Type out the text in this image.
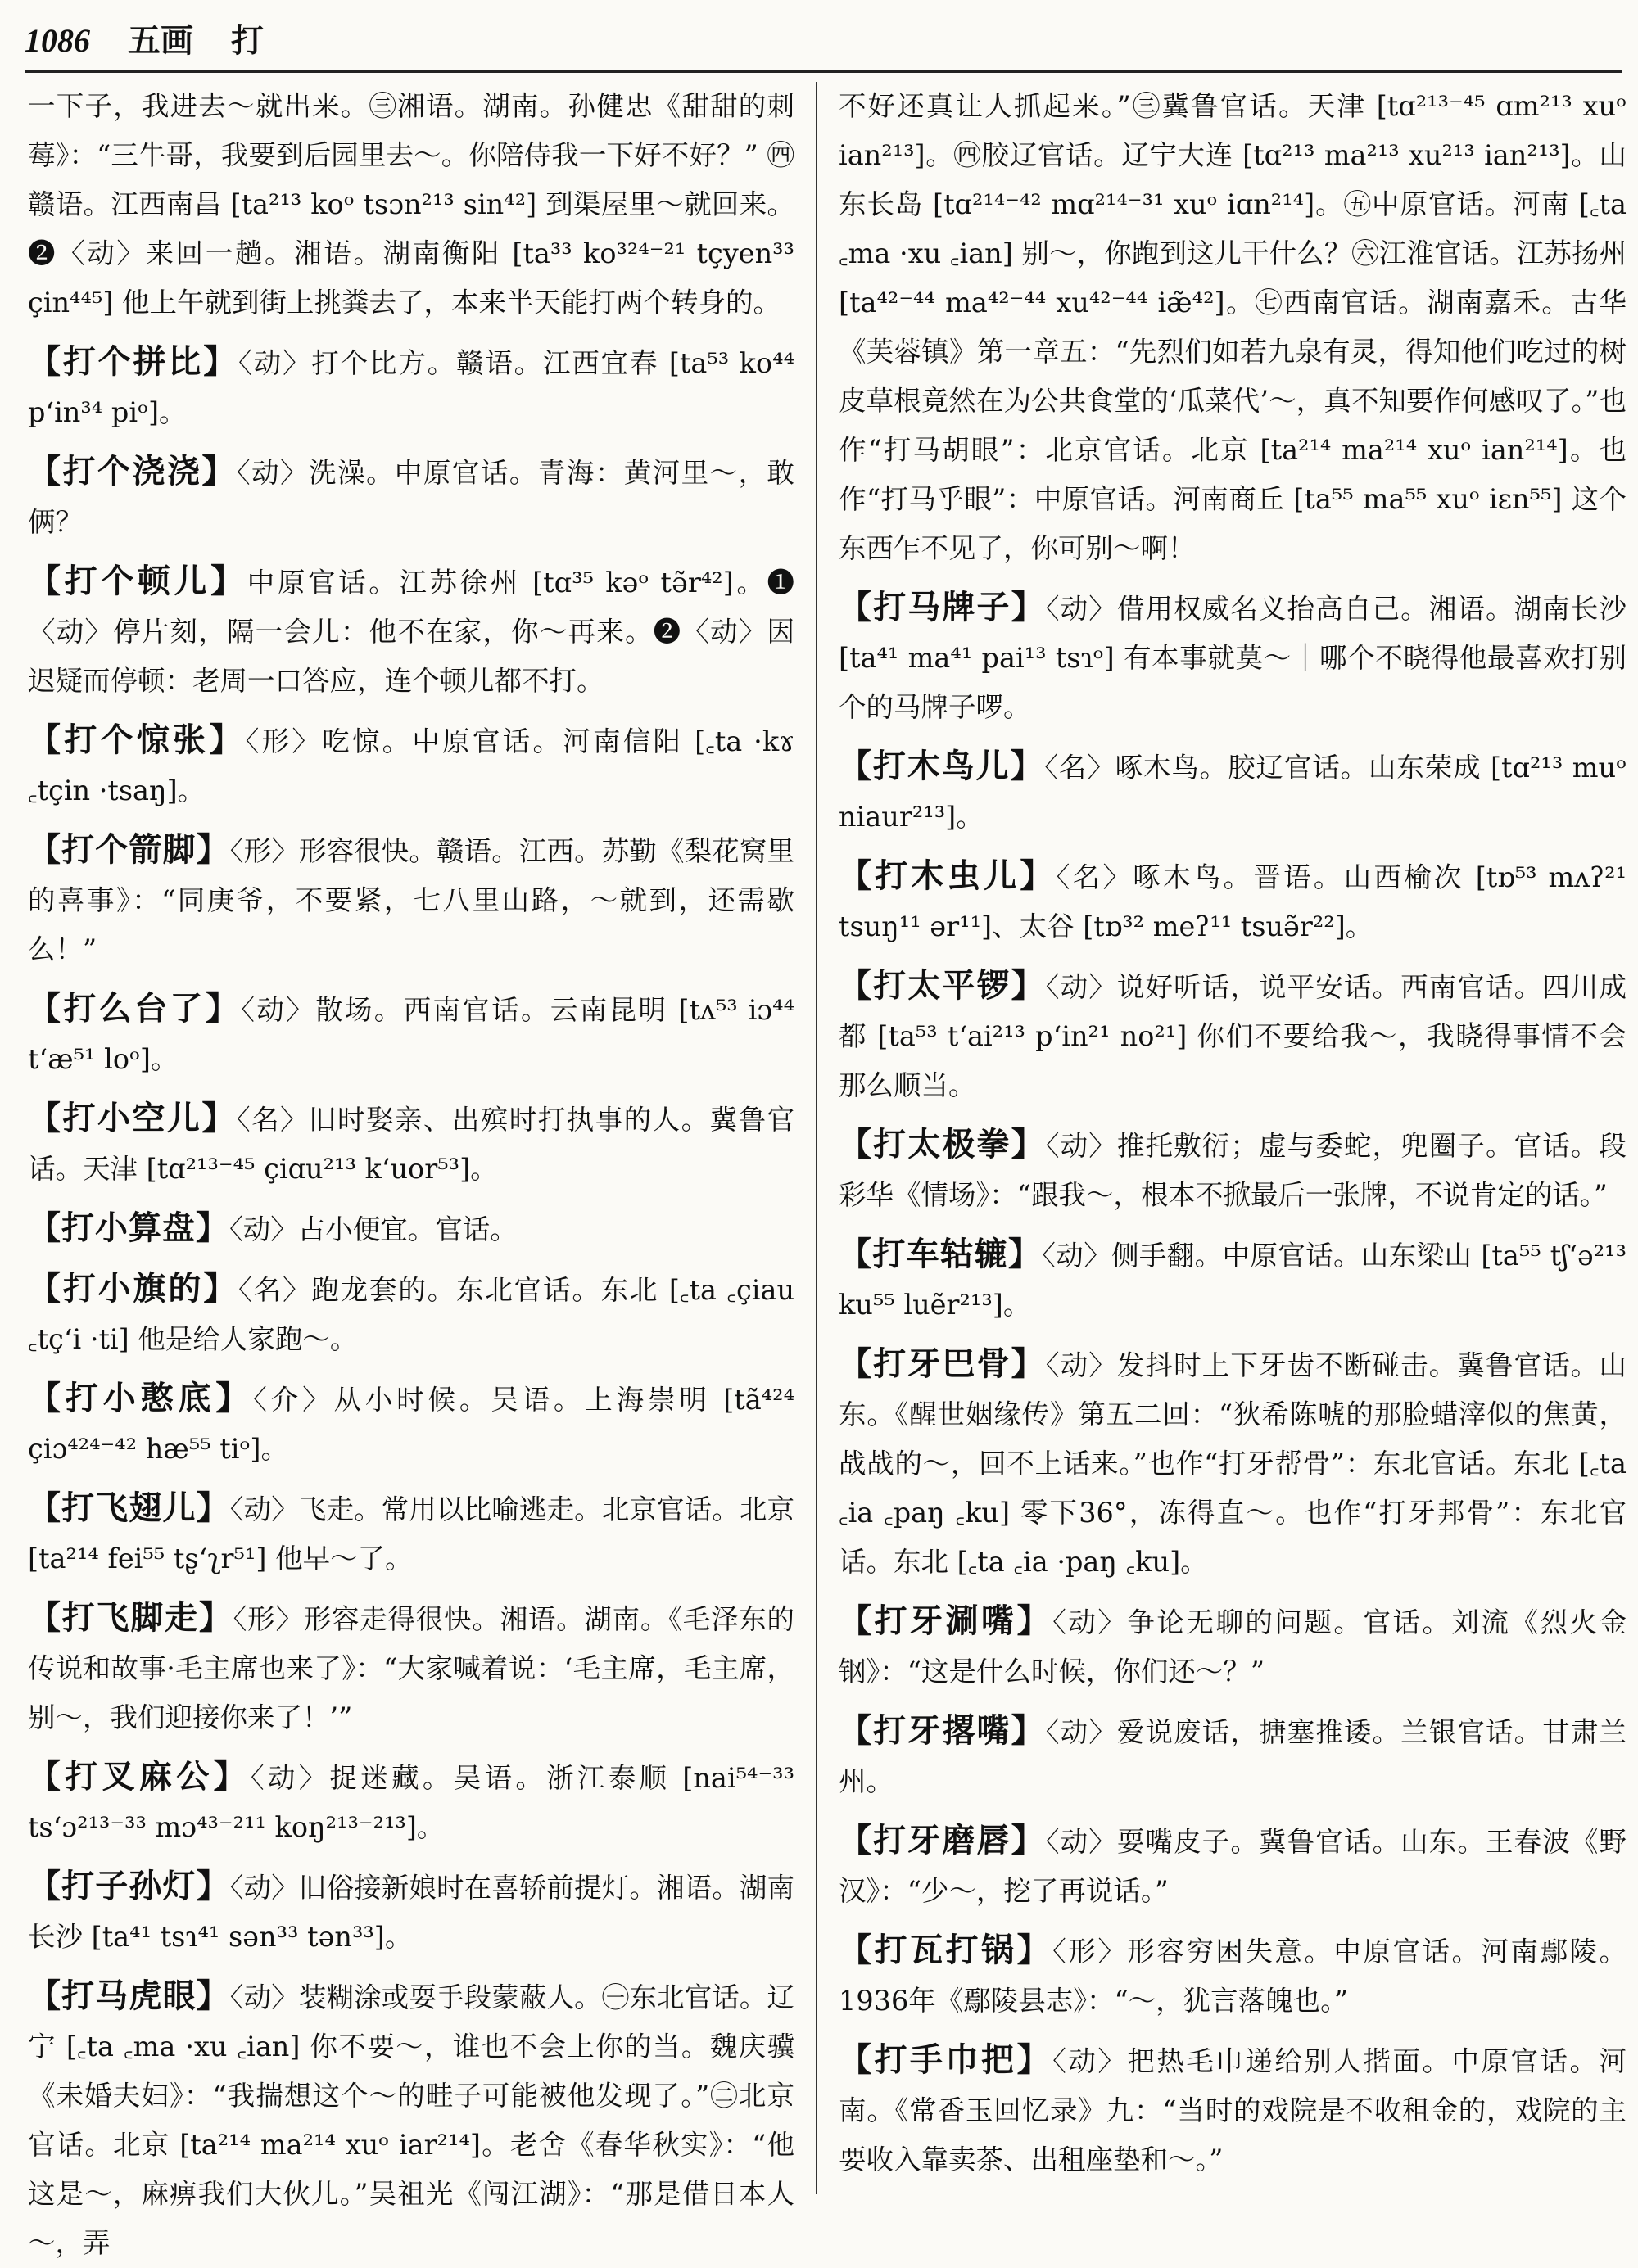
1086 五画 打

一下子，我进去～就出来。㊂湘语。湖南。孙健忠《甜甜的刺莓》：“三牛哥，我要到后园里去～。你陪侍我一下好不好？” ㊃赣语。江西南昌 [ta²¹³ koᵒ tsɔn²¹³ sin⁴²] 到渠屋里～就回来。❷〈动〉来回一趟。湘语。湖南衡阳 [ta³³ ko³²⁴⁻²¹ tçyen³³ çin⁴⁴⁵] 他上午就到街上挑粪去了，本来半天能打两个转身的。

【打个拼比】〈动〉打个比方。赣语。江西宜春 [ta⁵³ ko⁴⁴ pʻin³⁴ piᵒ]。

【打个浇浇】〈动〉洗澡。中原官话。青海：黄河里～，敢俩？

【打个顿儿】中原官话。江苏徐州 [tɑ³⁵ kəᵒ tə̃r⁴²]。❶〈动〉停片刻，隔一会儿：他不在家，你～再来。❷〈动〉因迟疑而停顿：老周一口答应，连个顿儿都不打。

【打个惊张】〈形〉吃惊。中原官话。河南信阳 [꜀ta ·kɤ ꜀tçin ·tsaŋ]。

【打个箭脚】〈形〉形容很快。赣语。江西。苏勤《梨花窝里的喜事》：“同庚爷，不要紧，七八里山路，～就到，还需歇么！”

【打么台了】〈动〉散场。西南官话。云南昆明 [tʌ⁵³ iɔ⁴⁴ tʻæ⁵¹ loᵒ]。

【打小空儿】〈名〉旧时娶亲、出殡时打执事的人。冀鲁官话。天津 [tɑ²¹³⁻⁴⁵ çiɑu²¹³ kʻuor⁵³]。

【打小算盘】〈动〉占小便宜。官话。

【打小旗的】〈名〉跑龙套的。东北官话。东北 [꜀ta ꜀çiau ꜀tçʻi ·ti] 他是给人家跑～。

【打小憨底】〈介〉从小时候。吴语。上海崇明 [tã⁴²⁴ çiɔ⁴²⁴⁻⁴² hæ⁵⁵ tiᵒ]。

【打飞翅儿】〈动〉飞走。常用以比喻逃走。北京官话。北京 [ta²¹⁴ fei⁵⁵ tʂʻʅr⁵¹] 他早～了。

【打飞脚走】〈形〉形容走得很快。湘语。湖南。《毛泽东的传说和故事·毛主席也来了》：“大家喊着说：‘毛主席，毛主席，别～，我们迎接你来了！’”

【打叉麻公】〈动〉捉迷藏。吴语。浙江泰顺 [nai⁵⁴⁻³³ tsʻɔ²¹³⁻³³ mɔ⁴³⁻²¹¹ koŋ²¹³⁻²¹³]。

【打子孙灯】〈动〉旧俗接新娘时在喜轿前提灯。湘语。湖南长沙 [ta⁴¹ tsɿ⁴¹ sən³³ tən³³]。

【打马虎眼】〈动〉装糊涂或耍手段蒙蔽人。㊀东北官话。辽宁 [꜀ta ꜀ma ·xu ꜀ian] 你不要～，谁也不会上你的当。魏庆骥《未婚夫妇》：“我揣想这个～的畦子可能被他发现了。”㊁北京官话。北京 [ta²¹⁴ ma²¹⁴ xuᵒ iar²¹⁴]。老舍《春华秋实》：“他这是～，麻痹我们大伙儿。”吴祖光《闯江湖》：“那是借日本人～，弄

不好还真让人抓起来。”㊂冀鲁官话。天津 [tɑ²¹³⁻⁴⁵ ɑm²¹³ xuᵒ ian²¹³]。㊃胶辽官话。辽宁大连 [tɑ²¹³ ma²¹³ xu²¹³ ian²¹³]。山东长岛 [tɑ²¹⁴⁻⁴² mɑ²¹⁴⁻³¹ xuᵒ iɑn²¹⁴]。㊄中原官话。河南 [꜀ta ꜀ma ·xu ꜀ian] 别～，你跑到这儿干什么？㊅江淮官话。江苏扬州 [ta⁴²⁻⁴⁴ ma⁴²⁻⁴⁴ xu⁴²⁻⁴⁴ iæ̃⁴²]。㊆西南官话。湖南嘉禾。古华《芙蓉镇》第一章五：“先烈们如若九泉有灵，得知他们吃过的树皮草根竟然在为公共食堂的‘瓜菜代’～，真不知要作何感叹了。”也作“打马胡眼”：北京官话。北京 [ta²¹⁴ ma²¹⁴ xuᵒ ian²¹⁴]。也作“打马乎眼”：中原官话。河南商丘 [ta⁵⁵ ma⁵⁵ xuᵒ iɛn⁵⁵] 这个东西乍不见了，你可别～啊！

【打马牌子】〈动〉借用权威名义抬高自己。湘语。湖南长沙 [ta⁴¹ ma⁴¹ pai¹³ tsɿᵒ] 有本事就莫～｜哪个不晓得他最喜欢打别个的马牌子啰。

【打木鸟儿】〈名〉啄木鸟。胶辽官话。山东荣成 [tɑ²¹³ muᵒ niaur²¹³]。

【打木虫儿】〈名〉啄木鸟。晋语。山西榆次 [tɒ⁵³ mʌʔ²¹ tsuŋ¹¹ ər¹¹]、太谷 [tɒ³² meʔ¹¹ tsuə̃r²²]。

【打太平锣】〈动〉说好听话，说平安话。西南官话。四川成都 [ta⁵³ tʻai²¹³ pʻin²¹ no²¹] 你们不要给我～，我晓得事情不会那么顺当。

【打太极拳】〈动〉推托敷衍；虚与委蛇，兜圈子。官话。段彩华《情场》：“跟我～，根本不掀最后一张牌，不说肯定的话。”

【打车轱辘】〈动〉侧手翻。中原官话。山东梁山 [ta⁵⁵ tʃʻə²¹³ ku⁵⁵ luẽr²¹³]。

【打牙巴骨】〈动〉发抖时上下牙齿不断碰击。冀鲁官话。山东。《醒世姻缘传》第五二回：“狄希陈唬的那脸蜡滓似的焦黄，战战的～，回不上话来。”也作“打牙帮骨”：东北官话。东北 [꜀ta ꜀ia ꜀paŋ ꜀ku] 零下36°，冻得直～。也作“打牙邦骨”：东北官话。东北 [꜀ta ꜀ia ·paŋ ꜀ku]。

【打牙涮嘴】〈动〉争论无聊的问题。官话。刘流《烈火金钢》：“这是什么时候，你们还～？”

【打牙撂嘴】〈动〉爱说废话，搪塞推诿。兰银官话。甘肃兰州。

【打牙磨唇】〈动〉耍嘴皮子。冀鲁官话。山东。王春波《野汉》：“少～，挖了再说话。”

【打瓦打锅】〈形〉形容穷困失意。中原官话。河南鄢陵。1936年《鄢陵县志》：“～，犹言落魄也。”

【打手巾把】〈动〉把热毛巾递给别人揩面。中原官话。河南。《常香玉回忆录》九：“当时的戏院是不收租金的，戏院的主要收入靠卖茶、出租座垫和～。”
